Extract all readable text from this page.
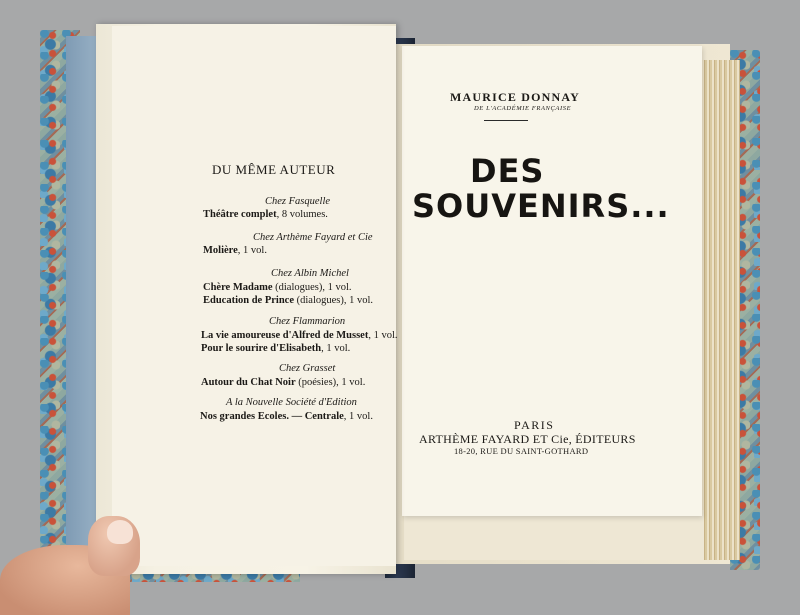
DU MÊME AUTEUR
Chez Fasquelle
Théâtre complet, 8 volumes.
Chez Arthème Fayard et Cie
Molière, 1 vol.
Chez Albin Michel
Chère Madame (dialogues), 1 vol.
Education de Prince (dialogues), 1 vol.
Chez Flammarion
La vie amoureuse d'Alfred de Musset, 1 vol.
Pour le sourire d'Elisabeth, 1 vol.
Chez Grasset
Autour du Chat Noir (poésies), 1 vol.
A la Nouvelle Société d'Edition
Nos grandes Ecoles. — Centrale, 1 vol.
MAURICE DONNAY
DE L'ACADÉMIE FRANÇAISE
DES
SOUVENIRS...
PARIS
ARTHÈME FAYARD ET Cie, ÉDITEURS
18-20, RUE DU SAINT-GOTHARD
